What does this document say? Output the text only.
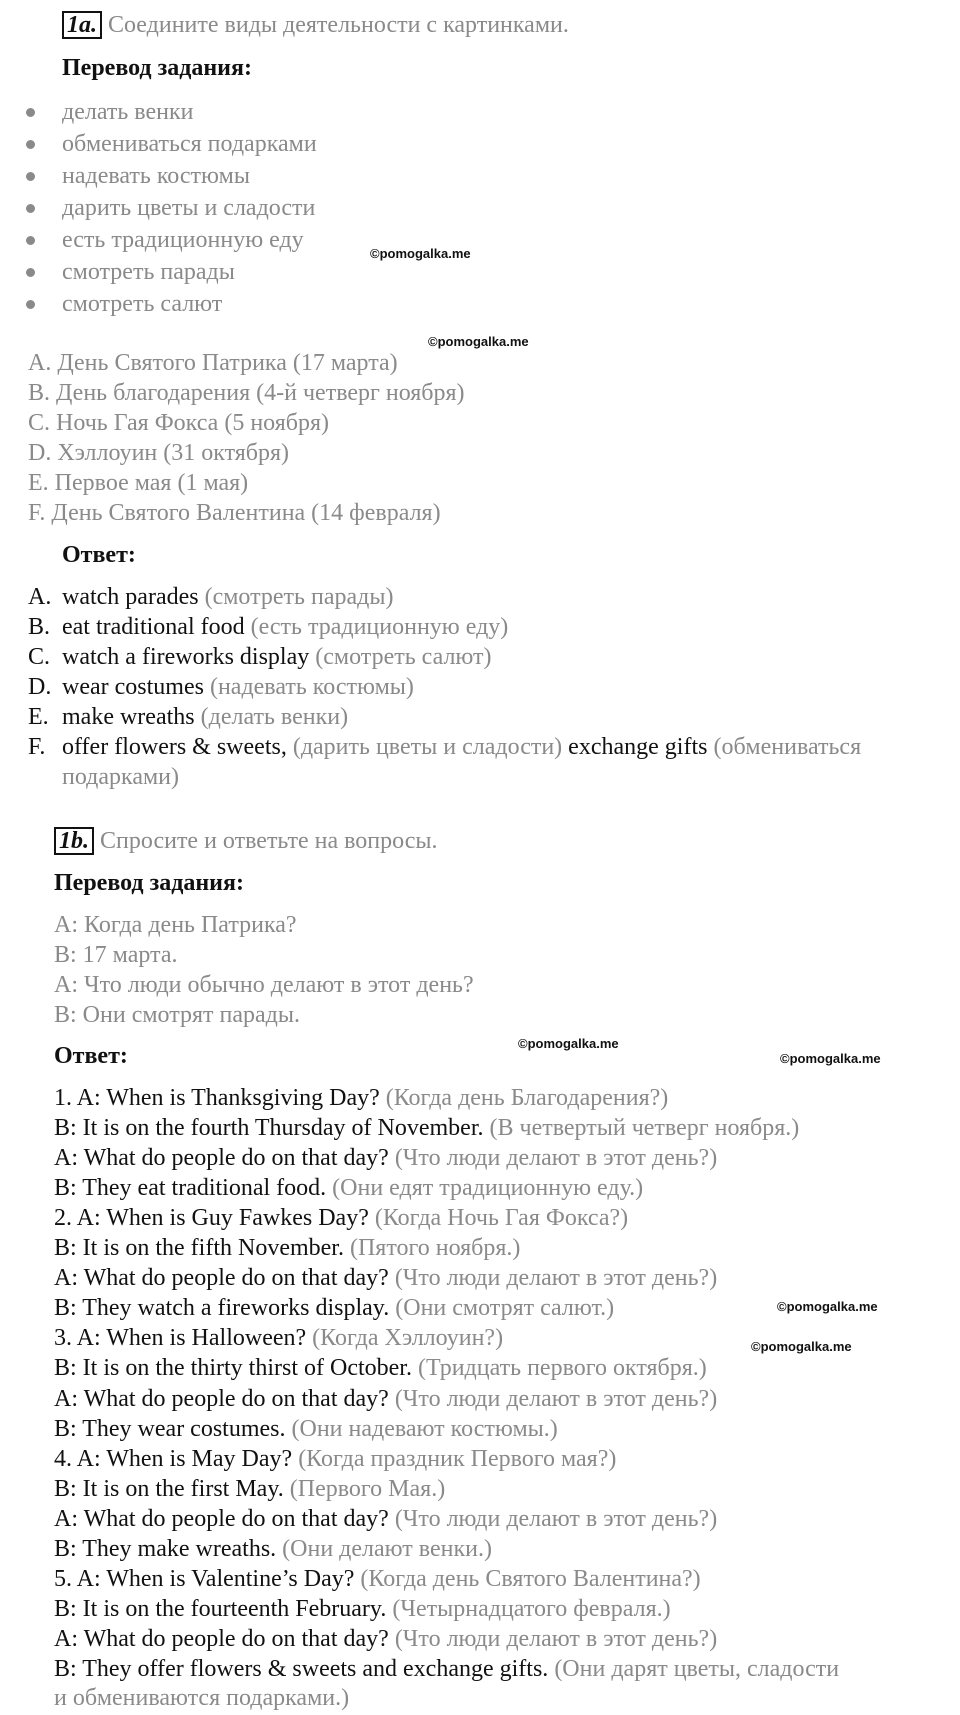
1a. Соедините виды деятельности с картинками.
Перевод задания:
делать венки
обмениваться подарками
надевать костюмы
дарить цветы и сладости
есть традиционную еду
смотреть парады
смотреть салют
A. День Святого Патрика (17 марта)
B. День благодарения (4-й четверг ноября)
C. Ночь Гая Фокса (5 ноября)
D. Хэллоуин (31 октября)
E. Первое мая (1 мая)
F. День Святого Валентина (14 февраля)
Ответ:
A. watch parades (смотреть парады)
B. eat traditional food (есть традиционную еду)
C. watch a fireworks display (смотреть салют)
D. wear costumes (надевать костюмы)
E. make wreaths (делать венки)
F. offer flowers & sweets, (дарить цветы и сладости) exchange gifts (обмениваться
подарками)
1b. Спросите и ответьте на вопросы.
Перевод задания:
A: Когда день Патрика?
B: 17 марта.
A: Что люди обычно делают в этот день?
B: Они смотрят парады.
Ответ:
1. A: When is Thanksgiving Day? (Когда день Благодарения?)
B: It is on the fourth Thursday of November. (В четвертый четверг ноября.)
A: What do people do on that day? (Что люди делают в этот день?)
B: They eat traditional food. (Они едят традиционную еду.)
2. A: When is Guy Fawkes Day? (Когда Ночь Гая Фокса?)
B: It is on the fifth November. (Пятого ноября.)
A: What do people do on that day? (Что люди делают в этот день?)
B: They watch a fireworks display. (Они смотрят салют.)
3. A: When is Halloween? (Когда Хэллоуин?)
B: It is on the thirty thirst of October. (Тридцать первого октября.)
A: What do people do on that day? (Что люди делают в этот день?)
B: They wear costumes. (Они надевают костюмы.)
4. A: When is May Day? (Когда праздник Первого мая?)
B: It is on the first May. (Первого Мая.)
A: What do people do on that day? (Что люди делают в этот день?)
B: They make wreaths. (Они делают венки.)
5. A: When is Valentine’s Day? (Когда день Святого Валентина?)
B: It is on the fourteenth February. (Четырнадцатого февраля.)
A: What do people do on that day? (Что люди делают в этот день?)
B: They offer flowers & sweets and exchange gifts. (Они дарят цветы, сладости
и обмениваются подарками.)
©pomogalka.me
©pomogalka.me
©pomogalka.me
©pomogalka.me
©pomogalka.me
©pomogalka.me
